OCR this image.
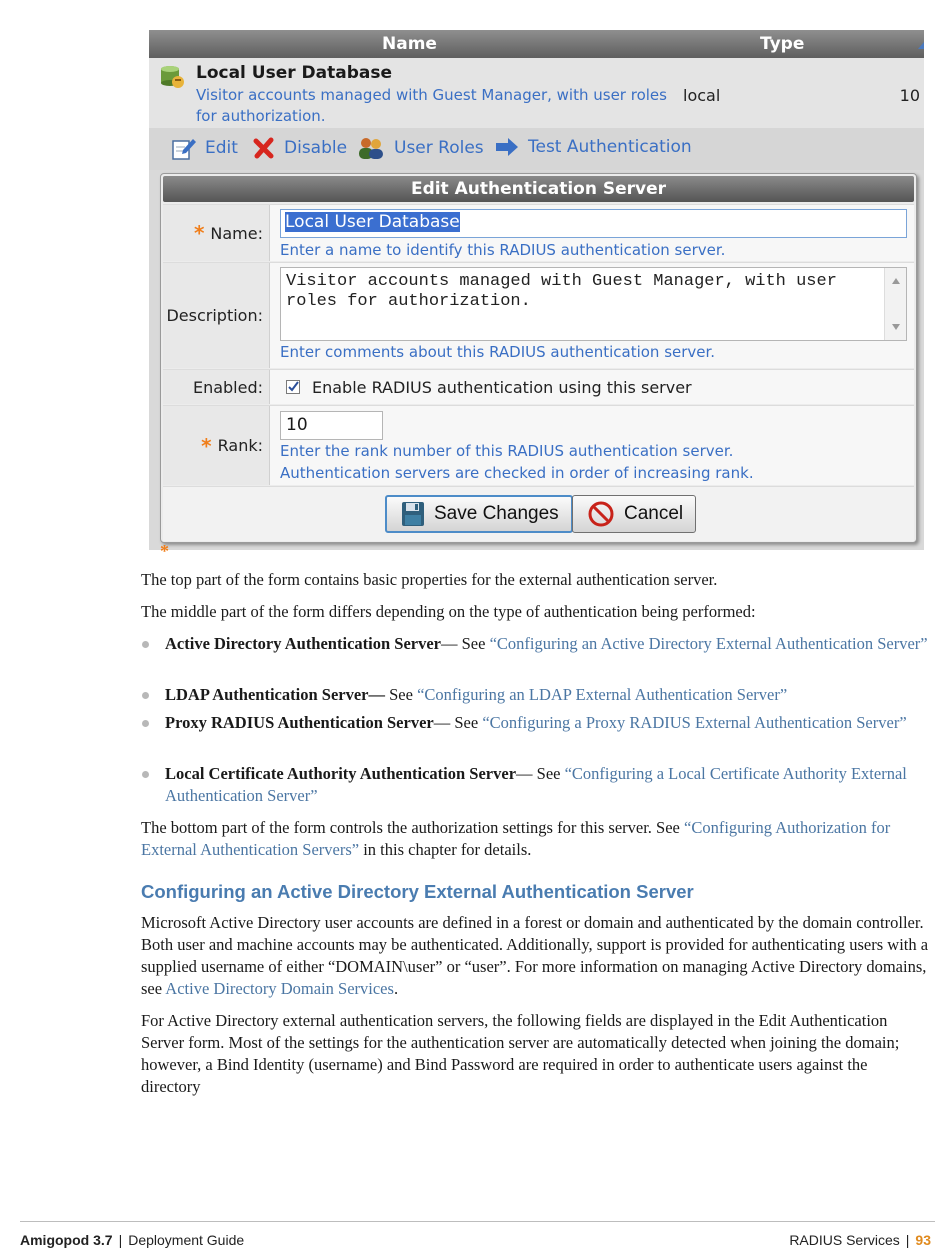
Name	Type
Local User Database
Visitor accounts managed with Guest Manager, with user roles for authorization.
local	10
Edit	Disable	User Roles	Test Authentication
Edit Authentication Server
* Name:
Local User Database
Enter a name to identify this RADIUS authentication server.
Description:
Visitor accounts managed with Guest Manager, with user roles for authorization.
Enter comments about this RADIUS authentication server.
Enabled:	Enable RADIUS authentication using this server
* Rank:
10
Enter the rank number of this RADIUS authentication server.
Authentication servers are checked in order of increasing rank.
Save Changes	Cancel
*
The top part of the form contains basic properties for the external authentication server.
The middle part of the form differs depending on the type of authentication being performed:
Active Directory Authentication Server— See “Configuring an Active Directory External Authentication Server”
LDAP Authentication Server— See “Configuring an LDAP External Authentication Server”
Proxy RADIUS Authentication Server— See “Configuring a Proxy RADIUS External Authentication Server”
Local Certificate Authority Authentication Server— See “Configuring a Local Certificate Authority External Authentication Server”
The bottom part of the form controls the authorization settings for this server. See “Configuring Authorization for External Authentication Servers” in this chapter for details.
Configuring an Active Directory External Authentication Server
Microsoft Active Directory user accounts are defined in a forest or domain and authenticated by the domain controller. Both user and machine accounts may be authenticated. Additionally, support is provided for authenticating users with a supplied username of either “DOMAIN\user” or “user”. For more information on managing Active Directory domains, see Active Directory Domain Services.
For Active Directory external authentication servers, the following fields are displayed in the Edit Authentication Server form. Most of the settings for the authentication server are automatically detected when joining the domain; however, a Bind Identity (username) and Bind Password are required in order to authenticate users against the directory
Amigopod 3.7 | Deployment Guide	RADIUS Services | 93
